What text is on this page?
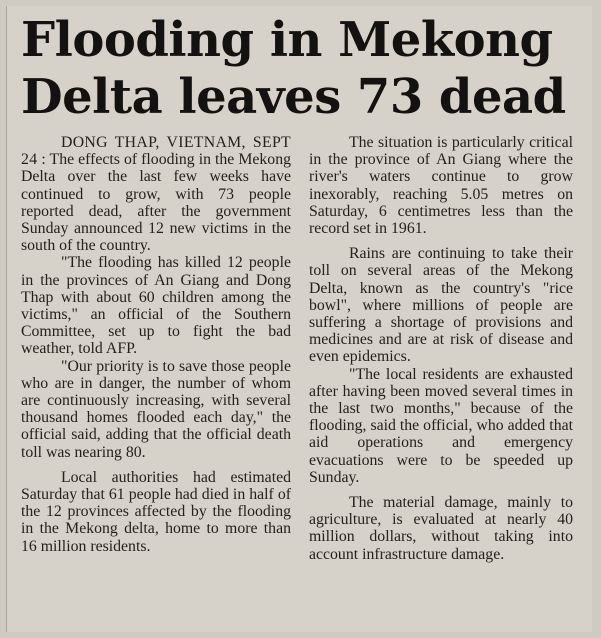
Flooding in Mekong
Delta leaves 73 dead

DONG THAP, VIETNAM, SEPT 24 : The effects of flooding in the Mekong Delta over the last few weeks have continued to grow, with 73 people reported dead, after the government Sunday announced 12 new victims in the south of the country.

"The flooding has killed 12 people in the provinces of An Giang and Dong Thap with about 60 children among the victims," an official of the Southern Committee, set up to fight the bad weather, told AFP.

"Our priority is to save those people who are in danger, the number of whom are continuously increasing, with several thousand homes flooded each day," the official said, adding that the official death toll was nearing 80.

Local authorities had estimated Saturday that 61 people had died in half of the 12 provinces affected by the flooding in the Mekong delta, home to more than 16 million residents.

The situation is particularly critical in the province of An Giang where the river's waters continue to grow inexorably, reaching 5.05 metres on Saturday, 6 centimetres less than the record set in 1961.

Rains are continuing to take their toll on several areas of the Mekong Delta, known as the country's "rice bowl", where millions of people are suffering a shortage of provisions and medicines and are at risk of disease and even epidemics.

"The local residents are exhausted after having been moved several times in the last two months," because of the flooding, said the official, who added that aid operations and emergency evacuations were to be speeded up Sunday.

The material damage, mainly to agriculture, is evaluated at nearly 40 million dollars, without taking into account infrastructure damage.
